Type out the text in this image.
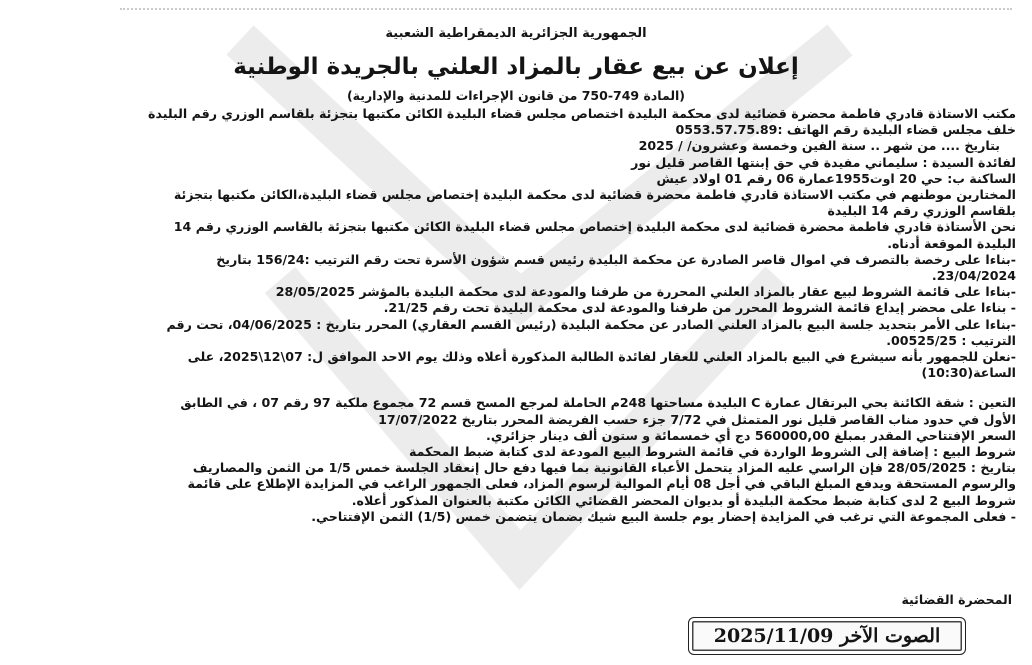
الجمهورية الجزائرية الديمقراطية الشعبية
إعلان عن بيع عقار بالمزاد العلني بالجريدة الوطنية
(المادة 749-750 من قانون الإجراءات للمدنية والإدارية)

مكتب الاستاذة قادري فاطمة محضرة قضائية لدى محكمة البليدة اختصاص مجلس قضاء البليدة الكائن مكتبها بتجزئة بلقاسم الوزري رقم البليدة خلف مجلس قضاء البليدة رقم الهاتف :0553.57.75.89

بتاريخ .... من شهر .. سنة الفين وخمسة وعشرون/ / 2025

لفائدة السيدة : سليماني مفيدة في حق إبنتها القاصر قليل نور

الساكنة ب: حي 20 اوت1955عمارة 06 رقم 01 اولاد عيش

المختارين موطنهم في مكتب الاستاذة قادري فاطمة محضرة قضائية لدى محكمة البليدة إختصاص مجلس قضاء البليدة،الكائن مكتبها بتجزئة بلقاسم الوزري رقم 14 البليدة

نحن الأستاذة قادري فاطمة محضرة قضائية لدى محكمة البليدة إختصاص مجلس قضاء البليدة الكائن مكتبها بتجزئة بالقاسم الوزري رقم 14 البليدة الموقعة أدناه.

-بناءا على رخصة بالتصرف في اموال قاصر الصادرة عن محكمة البليدة رئيس قسم شؤون الأسرة تحت رقم الترتيب :156/24 بتاريخ 23/04/2024.

-بناءا على قائمة الشروط لبيع عقار بالمزاد العلني المحررة من طرفنا والمودعة لدى محكمة البليدة بالمؤشر 28/05/2025

- بناءا على محضر إيداع قائمة الشروط المحرر من طرفنا والمودعة لدى محكمة البليدة تحت رقم 21/25.

-بناءا على الأمر بتحديد جلسة البيع بالمزاد العلني الصادر عن محكمة البليدة (رئيس القسم العقاري) المحرر بتاريخ : 04/06/2025، تحت رقم الترتيب : 00525/25.

-نعلن للجمهور بأنه سيشرع في البيع بالمزاد العلني للعقار لفائدة الطالبة المذكورة أعلاه وذلك يوم الاحد الموافق ل: 07\12\2025، على الساعة(10:30)

التعين : شقة الكائنة بحي البرتقال عمارة C البليدة مساحتها 248م الحاملة لمرجع المسح قسم 72 مجموع ملكية 97 رقم 07 ، في الطابق الأول في حدود مناب القاصر قليل نور المتمثل في 7/72 جزء حسب الفريضة المحرر بتاريخ 17/07/2022

السعر الإفتتاحي المقدر بمبلغ 560000,00 دج أي خمسمائة و ستون ألف دينار جزائري.

شروط البيع : إضافة إلى الشروط الواردة في قائمة الشروط البيع المودعة لدى كتابة ضبط المحكمة

بتاريخ : 28/05/2025 فإن الراسي عليه المزاد يتحمل الأعباء القانونية بما فيها دفع حال إنعقاد الجلسة خمس 1/5 من الثمن والمصاريف والرسوم المستحقة ويدفع المبلغ الباقي في أجل 08 أيام الموالية لرسوم المزاد، فعلى الجمهور الراغب في المزايدة الإطلاع على قائمة شروط البيع 2 لدى كتابة ضبط محكمة البليدة أو بديوان المحضر القضائي الكائن مكتبة بالعنوان المذكور أعلاه.

- فعلى المجموعة التي ترغب في المزايدة إحضار يوم جلسة البيع شيك بضمان يتضمن خمس (1/5) الثمن الإفتتاحي.

المحضرة القضائية
الصوت الآخر 2025/11/09
